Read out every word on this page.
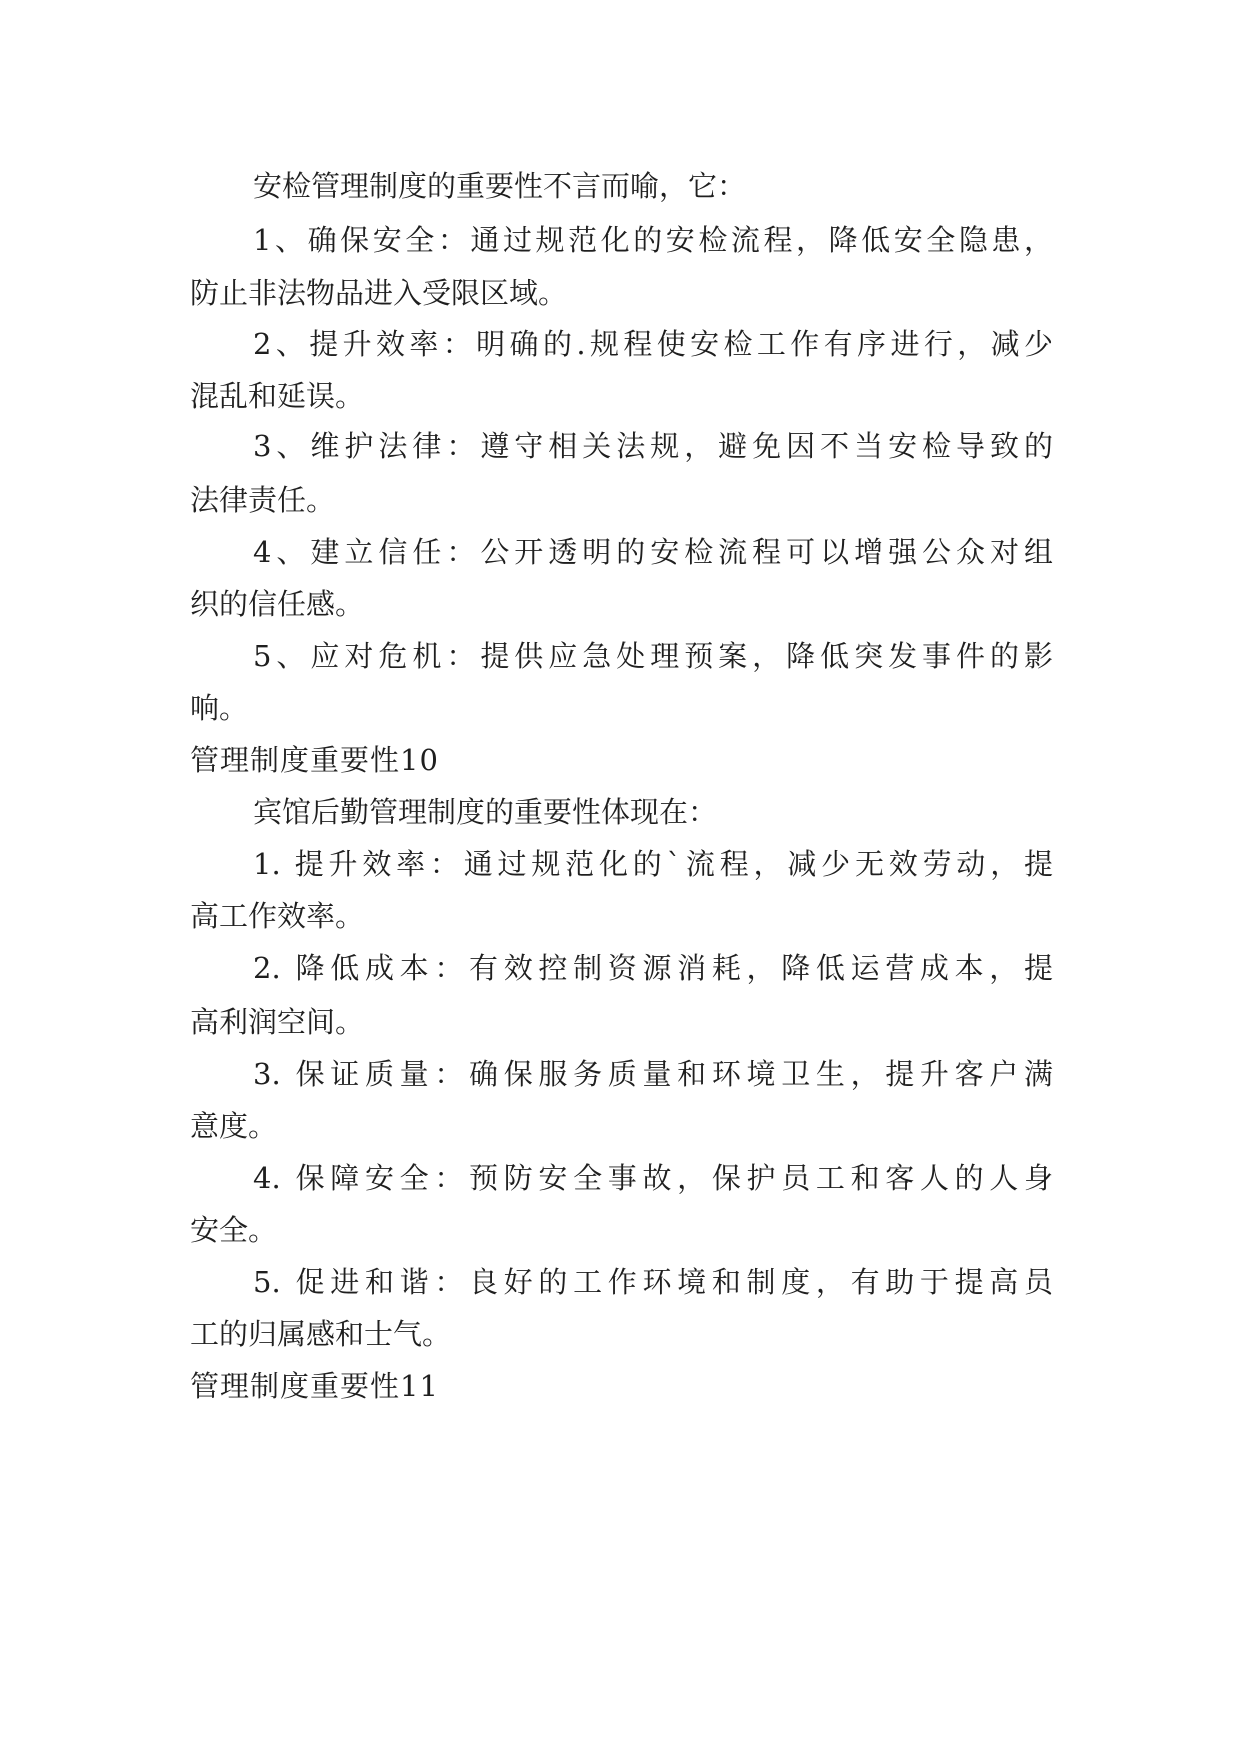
安检管理制度的重要性不言而喻，它：
1、确保安全：通过规范化的安检流程，降低安全隐患，
防止非法物品进入受限区域。
2、提升效率：明确的.规程使安检工作有序进行，减少
混乱和延误。
3、维护法律：遵守相关法规，避免因不当安检导致的
法律责任。
4、建立信任：公开透明的安检流程可以增强公众对组
织的信任感。
5、应对危机：提供应急处理预案，降低突发事件的影
响。
管理制度重要性10
宾馆后勤管理制度的重要性体现在：
1. 提升效率：通过规范化的`流程，减少无效劳动，提
高工作效率。
2. 降低成本：有效控制资源消耗，降低运营成本，提
高利润空间。
3. 保证质量：确保服务质量和环境卫生，提升客户满
意度。
4. 保障安全：预防安全事故，保护员工和客人的人身
安全。
5. 促进和谐：良好的工作环境和制度，有助于提高员
工的归属感和士气。
管理制度重要性11
